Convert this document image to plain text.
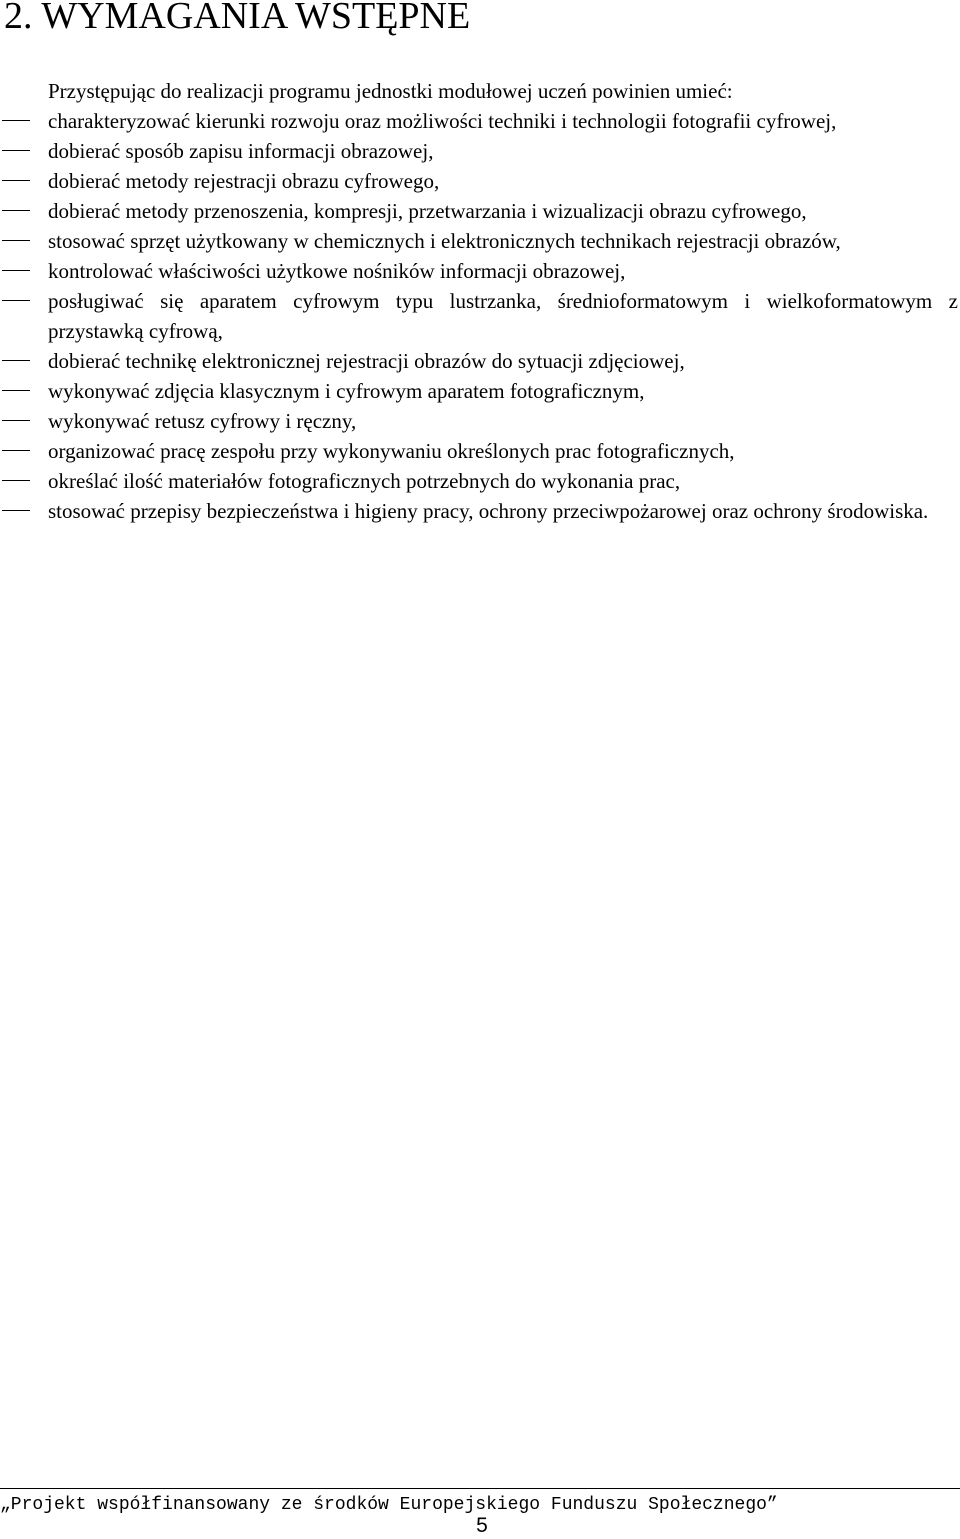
2. WYMAGANIA WSTĘPNE

Przystępując do realizacji programu jednostki modułowej uczeń powinien umieć:

charakteryzować kierunki rozwoju oraz możliwości techniki i technologii fotografii cyfrowej,
dobierać sposób zapisu informacji obrazowej,
dobierać metody rejestracji obrazu cyfrowego,
dobierać metody przenoszenia, kompresji, przetwarzania i wizualizacji obrazu cyfrowego,
stosować sprzęt użytkowany w chemicznych i elektronicznych technikach rejestracji obrazów,
kontrolować właściwości użytkowe nośników informacji obrazowej,
posługiwać się aparatem cyfrowym typu lustrzanka, średnioformatowym i wielkoformatowym z przystawką cyfrową,
dobierać technikę elektronicznej rejestracji obrazów do sytuacji zdjęciowej,
wykonywać zdjęcia klasycznym i cyfrowym aparatem fotograficznym,
wykonywać retusz cyfrowy i ręczny,
organizować pracę zespołu przy wykonywaniu określonych prac fotograficznych,
określać ilość materiałów fotograficznych potrzebnych do wykonania prac,
stosować przepisy bezpieczeństwa i higieny pracy, ochrony przeciwpożarowej oraz ochrony środowiska.

„Projekt współfinansowany ze środków Europejskiego Funduszu Społecznego”

5
